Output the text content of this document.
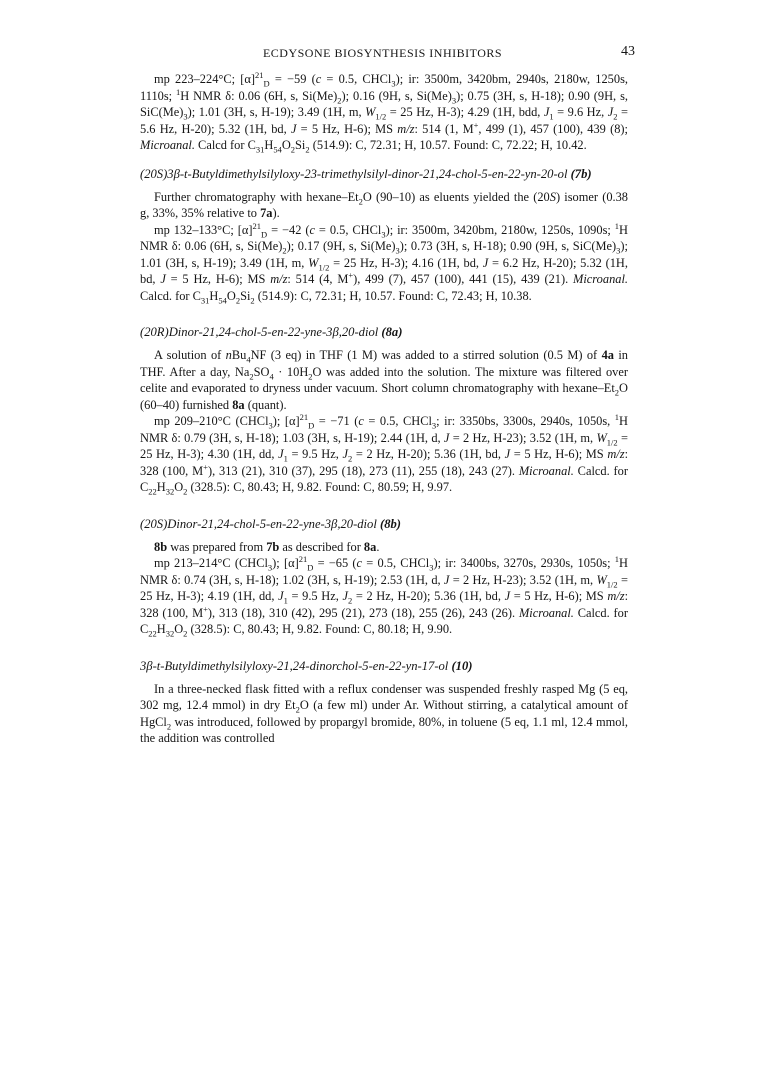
ECDYSONE BIOSYNTHESIS INHIBITORS	43

mp 223–224°C; $[\alpha]^{21}_D = -59$ (c = 0.5, CHCl$_3$); ir: 3500m, 3420bm, 2940s, 2180w, 1250s, 1110s; $^1$H NMR δ: 0.06 (6H, s, $Si(Me)_2$); 0.16 (9H, s, $Si(Me)_3$); 0.75 (3H, s, H-18); 0.90 (9H, s, $SiC(Me)_3$); 1.01 (3H, s, H-19); 3.49 (1H, m, $W_{1/2} = 25$ Hz, H-3); 4.29 (1H, bdd, $J_1 = 9.6$ Hz, $J_2 = 5.6$ Hz, H-20); 5.32 (1H, bd, J = 5 Hz, H-6); MS m/z: 514 (1, M+, 499 (1), 457 (100), 439 (8); Microanal. Calcd for $C_{31}H_{54}O_2Si_2$ (514.9): C, 72.31; H, 10.57. Found: C, 72.22; H, 10.42.

(20S)3β-t-Butyldimethylsilyloxy-23-trimethylsilyl-dinor-21,24-chol-5-en-22-yn-20-ol (7b)

Further chromatography with hexane–$Et_2O$ (90–10) as eluents yielded the (20S) isomer (0.38 g, 33%, 35% relative to 7a).

mp 132–133°C; $[\alpha]^{21}_D = -42$ (c = 0.5, CHCl$_3$); ir: 3500m, 3420bm, 2180w, 1250s, 1090s; $^1$H NMR δ: 0.06 (6H, s, $Si(Me)_2$); 0.17 (9H, s, $Si(Me)_3$); 0.73 (3H, s, H-18); 0.90 (9H, s, $SiC(Me)_3$); 1.01 (3H, s, H-19); 3.49 (1H, m, $W_{1/2} = 25$ Hz, H-3); 4.16 (1H, bd, J = 6.2 Hz, H-20); 5.32 (1H, bd, J = 5 Hz, H-6); MS m/z: 514 (4, M+), 499 (7), 457 (100), 441 (15), 439 (21). Microanal. Calcd. for $C_{31}H_{54}O_2Si_2$ (514.9): C, 72.31; H, 10.57. Found: C, 72.43; H, 10.38.

(20R)Dinor-21,24-chol-5-en-22-yne-3β,20-diol (8a)

A solution of nBu$_4$NF (3 eq) in THF (1 M) was added to a stirred solution (0.5 M) of 4a in THF. After a day, $Na_2SO_4 \cdot 10H_2O$ was added into the solution. The mixture was filtered over celite and evaporated to dryness under vacuum. Short column chromatography with hexane–$Et_2O$ (60–40) furnished 8a (quant).

mp 209–210°C (CHCl$_3$); $[\alpha]^{21}_D = -71$ (c = 0.5, CHCl$_3$; ir: 3350bs, 3300s, 2940s, 1050s, $^1$H NMR δ: 0.79 (3H, s, H-18); 1.03 (3H, s, H-19); 2.44 (1H, d, J = 2 Hz, H-23); 3.52 (1H, m, $W_{1/2} = 25$ Hz, H-3); 4.30 (1H, dd, $J_1 = 9.5$ Hz, $J_2 = 2$ Hz, H-20); 5.36 (1H, bd, J = 5 Hz, H-6); MS m/z: 328 (100, M+), 313 (21), 310 (37), 295 (18), 273 (11), 255 (18), 243 (27). Microanal. Calcd. for $C_{22}H_{32}O_2$ (328.5): C, 80.43; H, 9.82. Found: C, 80.59; H, 9.97.

(20S)Dinor-21,24-chol-5-en-22-yne-3β,20-diol (8b)

8b was prepared from 7b as described for 8a.

mp 213–214°C (CHCl$_3$); $[\alpha]^{21}_D = -65$ (c = 0.5, CHCl$_3$); ir: 3400bs, 3270s, 2930s, 1050s; $^1$H NMR δ: 0.74 (3H, s, H-18); 1.02 (3H, s, H-19); 2.53 (1H, d, J = 2 Hz, H-23); 3.52 (1H, m, $W_{1/2} = 25$ Hz, H-3); 4.19 (1H, dd, $J_1 = 9.5$ Hz, $J_2 = 2$ Hz, H-20); 5.36 (1H, bd, J = 5 Hz, H-6); MS m/z: 328 (100, M+), 313 (18), 310 (42), 295 (21), 273 (18), 255 (26), 243 (26). Microanal. Calcd. for $C_{22}H_{32}O_2$ (328.5): C, 80.43; H, 9.82. Found: C, 80.18; H, 9.90.

3β-t-Butyldimethylsilyloxy-21,24-dinorchol-5-en-22-yn-17-ol (10)

In a three-necked flask fitted with a reflux condenser was suspended freshly rasped Mg (5 eq, 302 mg, 12.4 mmol) in dry $Et_2O$ (a few ml) under Ar. Without stirring, a catalytical amount of HgCl$_2$ was introduced, followed by propargyl bromide, 80%, in toluene (5 eq, 1.1 ml, 12.4 mmol, the addition was controlled
